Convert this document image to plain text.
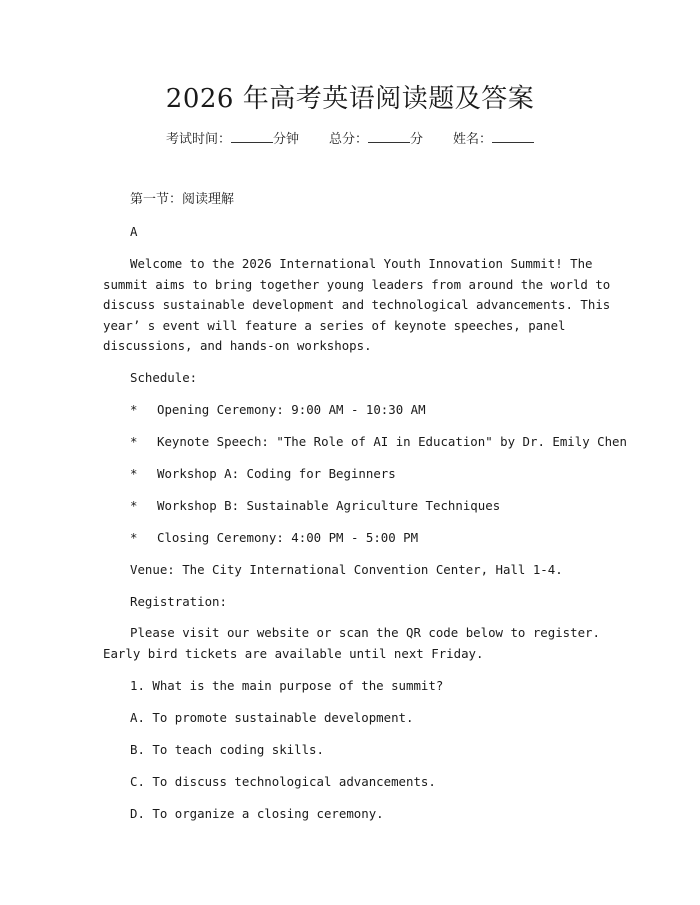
2026 年高考英语阅读题及答案
考试时间：	分钟 总分：	分 姓名：
第一节：阅读理解
A

Welcome to the 2026 International Youth Innovation Summit! The

summit aims to bring together young leaders from around the world to

discuss sustainable development and technological advancements. This

year’ s event will feature a series of keynote speeches, panel

discussions, and hands-on workshops.

Schedule:
* Opening Ceremony: 9:00 AM - 10:30 AM
* Keynote Speech: "The Role of AI in Education" by Dr. Emily Chen
* Workshop A: Coding for Beginners
* Workshop B: Sustainable Agriculture Techniques
* Closing Ceremony: 4:00 PM - 5:00 PM
Venue: The City International Convention Center, Hall 1-4.
Registration:

Please visit our website or scan the QR code below to register.

Early bird tickets are available until next Friday.

1. What is the main purpose of the summit?
A. To promote sustainable development.
B. To teach coding skills.
C. To discuss technological advancements.
D. To organize a closing ceremony.
